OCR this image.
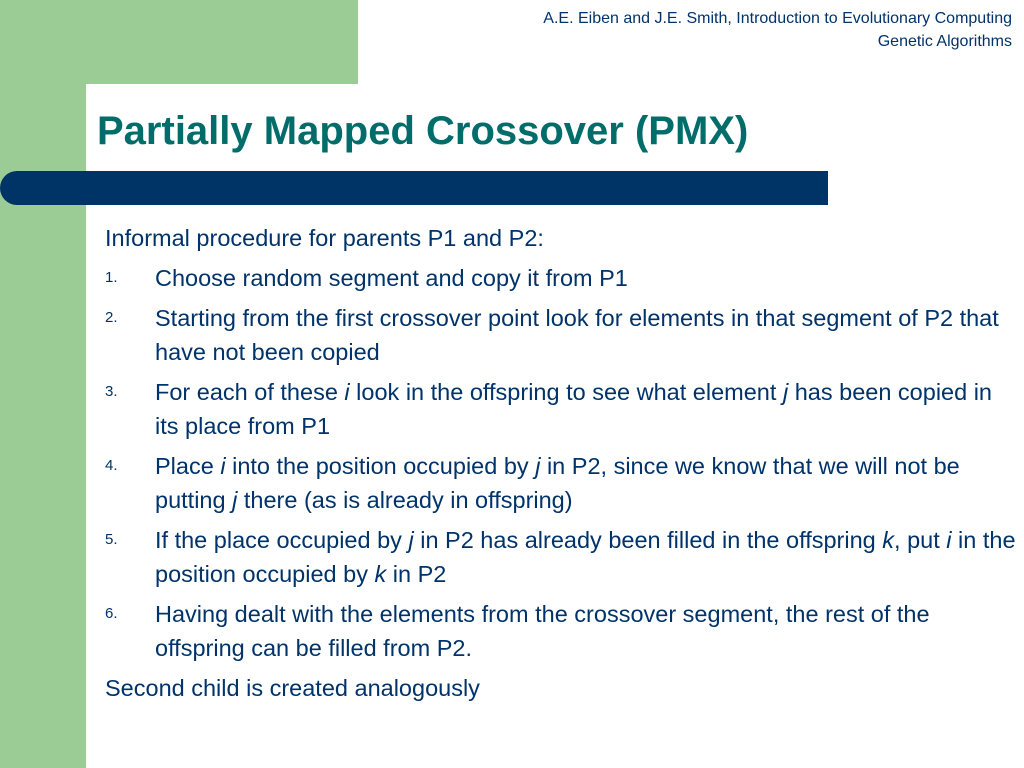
A.E. Eiben and J.E. Smith, Introduction to Evolutionary Computing
Genetic Algorithms
Partially Mapped Crossover (PMX)

Informal procedure for parents P1 and P2:

1. Choose random segment and copy it from P1
2. Starting from the first crossover point look for elements in that segment of P2 that have not been copied
3. For each of these i look in the offspring to see what element j has been copied in its place from P1
4. Place i into the position occupied by j in P2, since we know that we will not be putting j there (as is already in offspring)
5. If the place occupied by j in P2 has already been filled in the offspring k, put i in the position occupied by k in P2
6. Having dealt with the elements from the crossover segment, the rest of the offspring can be filled from P2.

Second child is created analogously
